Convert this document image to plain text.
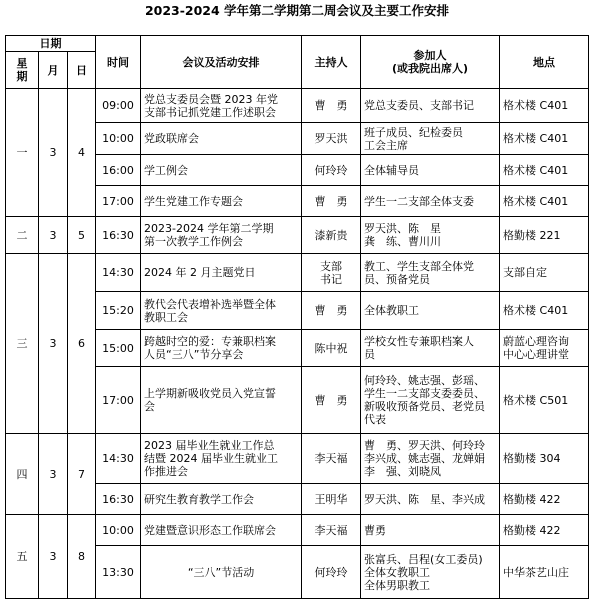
2023-2024 学年第二学期第二周会议及主要工作安排
日期			时间	会议及活动安排	主持人	参加人
(或我院出席人)	地点
星
期	月	日					
一	3	4	09:00	党总支委员会暨 2023 年党
支部书记抓党建工作述职会	曹　勇	党总支委员、支部书记	格术楼 C401
			10:00	党政联席会	罗天洪	班子成员、纪检委员
工会主席	格术楼 C401
			16:00	学工例会	何玲玲	全体辅导员	格术楼 C401
			17:00	学生党建工作专题会	曹　勇	学生一二支部全体支委	格术楼 C401
二	3	5	16:30	2023-2024 学年第二学期
第一次教学工作例会	漆新贵	罗天洪、陈　星
龚　练、曹川川	格勤楼 221
三	3	6	14:30	2024 年 2 月主题党日	支部
书记	教工、学生支部全体党
员、预备党员	支部自定
			15:20	教代会代表增补选举暨全体
教职工会	曹　勇	全体教职工	格术楼 C401
			15:00	跨越时空的爱：专兼职档案
人员“三八”节分享会	陈中祝	学校女性专兼职档案人
员	蔚蓝心理咨询
中心心理讲堂
			17:00	上学期新吸收党员入党宣誓
会	曹　勇	何玲玲、姚志强、彭瑶、
学生一二支部支委委员、
新吸收预备党员、老党员
代表	格术楼 C501
四	3	7	14:30	2023 届毕业生就业工作总
结暨 2024 届毕业生就业工
作推进会	李天福	曹　勇、罗天洪、何玲玲
李兴成、姚志强、龙婵娟
李　强、刘晓凤	格勤楼 304
			16:30	研究生教育教学工作会	王明华	罗天洪、陈　星、李兴成	格勤楼 422
五	3	8	10:00	党建暨意识形态工作联席会	李天福	曹勇	格勤楼 422
			13:30	“三八”节活动	何玲玲	张富兵、吕程(女工委员)
全体女教职工
全体男职教工	中华茶艺山庄
